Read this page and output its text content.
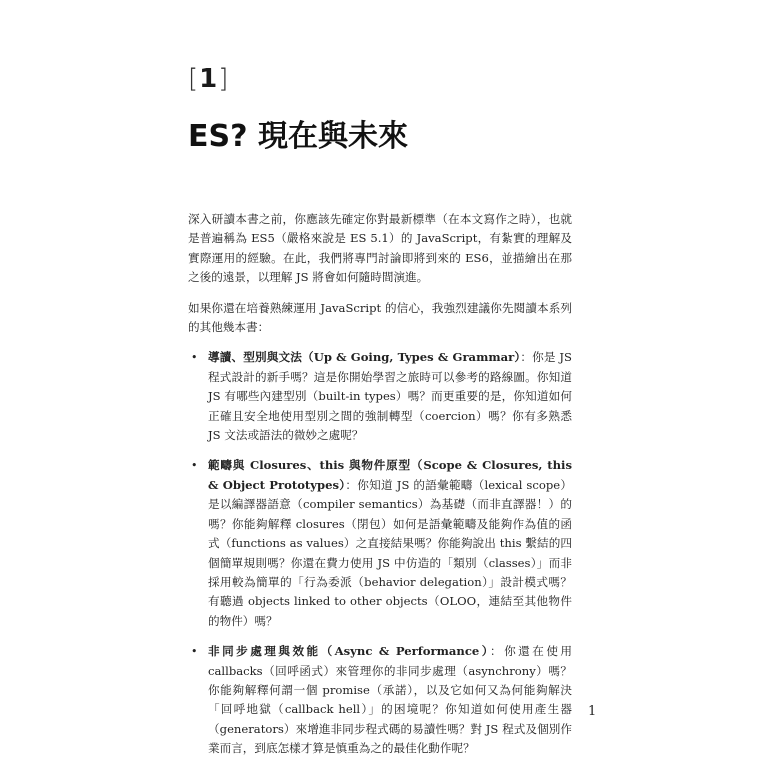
[1]
ES? 現在與未來

深入研讀本書之前，你應該先確定你對最新標準（在本文寫作之時），也就是普遍稱為 ES5（嚴格來說是 ES 5.1）的 JavaScript，有紮實的理解及實際運用的經驗。在此，我們將專門討論即將到來的 ES6，並描繪出在那之後的遠景，以理解 JS 將會如何隨時間演進。

如果你還在培養熟練運用 JavaScript 的信心，我強烈建議你先閱讀本系列的其他幾本書：

• 導讀、型別與文法（Up & Going, Types & Grammar）：你是 JS 程式設計的新手嗎？這是你開始學習之旅時可以參考的路線圖。你知道 JS 有哪些內建型別（built-in types）嗎？而更重要的是，你知道如何正確且安全地使用型別之間的強制轉型（coercion）嗎？你有多熟悉 JS 文法或語法的微妙之處呢？
• 範疇與 Closures、this 與物件原型（Scope & Closures, this & Object Prototypes）：你知道 JS 的語彙範疇（lexical scope）是以編譯器語意（compiler semantics）為基礎（而非直譯器！）的嗎？你能夠解釋 closures（閉包）如何是語彙範疇及能夠作為值的函式（functions as values）之直接結果嗎？你能夠說出 this 繫結的四個簡單規則嗎？你還在費力使用 JS 中仿造的「類別（classes）」而非採用較為簡單的「行為委派（behavior delegation）」設計模式嗎？有聽過 objects linked to other objects（OLOO，連結至其他物件的物件）嗎？
• 非同步處理與效能（Async & Performance）：你還在使用 callbacks（回呼函式）來管理你的非同步處理（asynchrony）嗎？你能夠解釋何謂一個 promise（承諾），以及它如何又為何能夠解決「回呼地獄（callback hell）」的困境呢？你知道如何使用產生器（generators）來增進非同步程式碼的易讀性嗎？對 JS 程式及個別作業而言，到底怎樣才算是慎重為之的最佳化動作呢？
1
